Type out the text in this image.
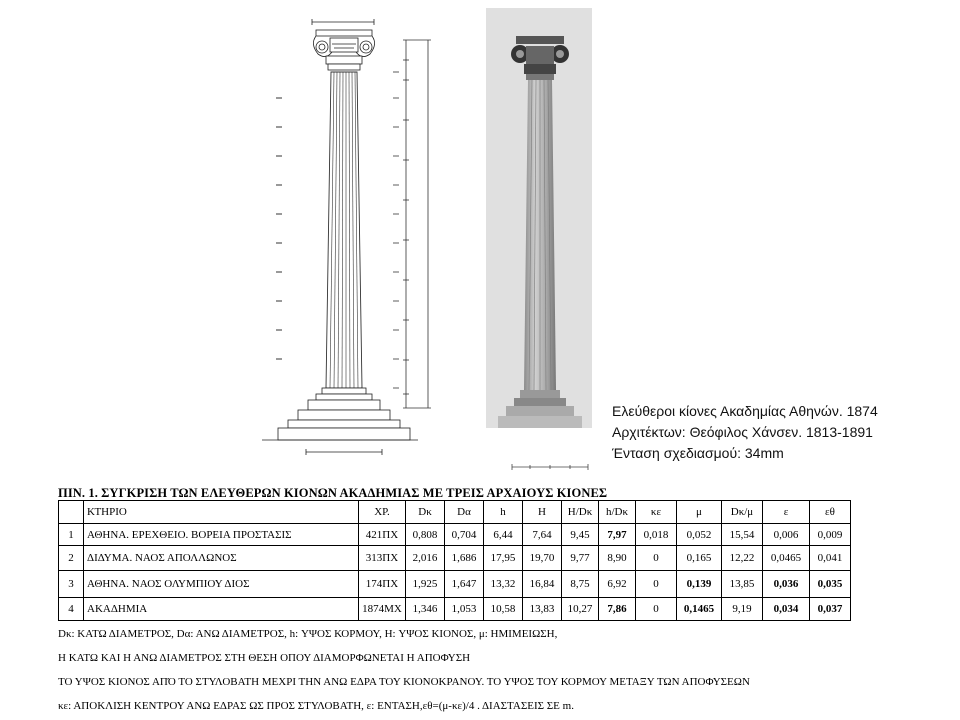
Ελεύθεροι κίονες Ακαδημίας Αθηνών. 1874
Αρχιτέκτων: Θεόφιλος Χάνσεν. 1813-1891
Ένταση σχεδιασμού: 34mm
ΠΙΝ. 1. ΣΥΓΚΡΙΣΗ ΤΩΝ ΕΛΕΥΘΕΡΩΝ ΚΙΟΝΩΝ ΑΚΑΔΗΜΙΑΣ ΜΕ ΤΡΕΙΣ ΑΡΧΑΙΟΥΣ ΚΙΟΝΕΣ
	ΚΤΗΡΙΟ	ΧΡ.	Dκ	Dα	h	H	H/Dκ	h/Dκ	κε	μ	Dκ/μ	ε	εθ
1	ΑΘΗΝΑ. ΕΡΕΧΘΕΙΟ. ΒΟΡΕΙΑ ΠΡΟΣΤΑΣΙΣ	421ΠΧ	0,808	0,704	6,44	7,64	9,45	7,97	0,018	0,052	15,54	0,006	0,009
2	ΔΙΔΥΜΑ. ΝΑΟΣ ΑΠΟΛΛΩΝΟΣ	313ΠΧ	2,016	1,686	17,95	19,70	9,77	8,90	0	0,165	12,22	0,0465	0,041
3	ΑΘΗΝΑ. ΝΑΟΣ ΟΛΥΜΠΙΟΥ ΔΙΟΣ	174ΠΧ	1,925	1,647	13,32	16,84	8,75	6,92	0	0,139	13,85	0,036	0,035
4	ΑΚΑΔΗΜΙΑ	1874ΜΧ	1,346	1,053	10,58	13,83	10,27	7,86	0	0,1465	9,19	0,034	0,037
Dκ: ΚΑΤΩ ΔΙΑΜΕΤΡΟΣ, Dα: ΑΝΩ ΔΙΑΜΕΤΡΟΣ, h: ΥΨΟΣ ΚΟΡΜΟΥ, H: ΥΨΟΣ ΚΙΟΝΟΣ, μ: ΗΜΙΜΕΙΩΣΗ,
Η ΚΑΤΩ ΚΑΙ Η ΑΝΩ ΔΙΑΜΕΤΡΟΣ ΣΤΗ ΘΕΣΗ ΟΠΟΥ ΔΙΑΜΟΡΦΩΝΕΤΑΙ Η ΑΠΟΦΥΣΗ
ΤΟ ΥΨΟΣ ΚΙΟΝΟΣ ΑΠΌ ΤΟ ΣΤΥΛΟΒΑΤΗ ΜΕΧΡΙ ΤΗΝ ΑΝΩ ΕΔΡΑ ΤΟΥ ΚΙΟΝΟΚΡΑΝΟΥ. ΤΟ ΥΨΟΣ ΤΟΥ ΚΟΡΜΟΥ ΜΕΤΑΞΥ ΤΩΝ ΑΠΟΦΥΣΕΩΝ
κε: ΑΠΟΚΛΙΣΗ ΚΕΝΤΡΟΥ ΑΝΩ ΕΔΡΑΣ ΩΣ ΠΡΟΣ ΣΤΥΛΟΒΑΤΗ, ε: ΕΝΤΑΣΗ,εθ=(μ-κε)/4 . ΔΙΑΣΤΑΣΕΙΣ ΣΕ m.
